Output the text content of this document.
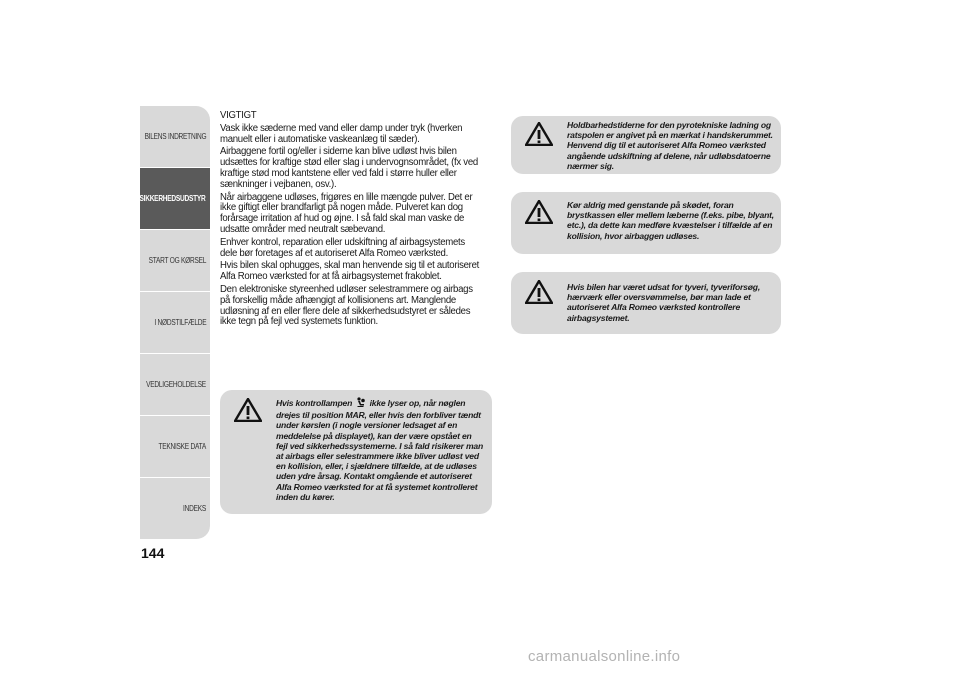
BILENS INDRETNING
SIKKERHEDSUDSTYR
START OG KØRSEL
I NØDSTILFÆLDE
VEDLIGEHOLDELSE
TEKNISKE DATA
INDEKS
144

VIGTIGT

Vask ikke sæderne med vand eller damp under tryk (hverken manuelt eller i automatiske vaskeanlæg til sæder).

Airbaggene fortil og/eller i siderne kan blive udløst hvis bilen udsættes for kraftige stød eller slag i undervognsområdet, (fx ved kraftige stød mod kantstene eller ved fald i større huller eller sænkninger i vejbanen, osv.).

Når airbaggene udløses, frigøres en lille mængde pulver. Det er ikke giftigt eller brandfarligt på nogen måde. Pulveret kan dog forårsage irritation af hud og øjne. I så fald skal man vaske de udsatte områder med neutralt sæbevand.

Enhver kontrol, reparation eller udskiftning af airbagsystemets dele bør foretages af et autoriseret Alfa Romeo værksted.

Hvis bilen skal ophugges, skal man henvende sig til et autoriseret Alfa Romeo værksted for at få airbagsystemet frakoblet.

Den elektroniske styreenhed udløser selestrammere og airbags på forskellig måde afhængigt af kollisionens art. Manglende udløsning af en eller flere dele af sikkerhedsudstyret er således ikke tegn på fejl ved systemets funktion.

Hvis kontrollampen ikke lyser op, når nøglen drejes til position MAR, eller hvis den forbliver tændt under kørslen (i nogle versioner ledsaget af en meddelelse på displayet), kan der være opstået en fejl ved sikkerhedssystemerne. I så fald risikerer man at airbags eller selestrammere ikke bliver udløst ved en kollision, eller, i sjældnere tilfælde, at de udløses uden ydre årsag. Kontakt omgående et autoriseret Alfa Romeo værksted for at få systemet kontrolleret inden du kører.
Holdbarhedstiderne for den pyrotekniske ladning og ratspolen er angivet på en mærkat i handskerummet. Henvend dig til et autoriseret Alfa Romeo værksted angående udskiftning af delene, når udløbsdatoerne nærmer sig.
Kør aldrig med genstande på skødet, foran brystkassen eller mellem læberne (f.eks. pibe, blyant, etc.), da dette kan medføre kvæstelser i tilfælde af en kollision, hvor airbaggen udløses.
Hvis bilen har været udsat for tyveri, tyveriforsøg, hærværk eller oversvømmelse, bør man lade et autoriseret Alfa Romeo værksted kontrollere airbagsystemet.
carmanualsonline.info
